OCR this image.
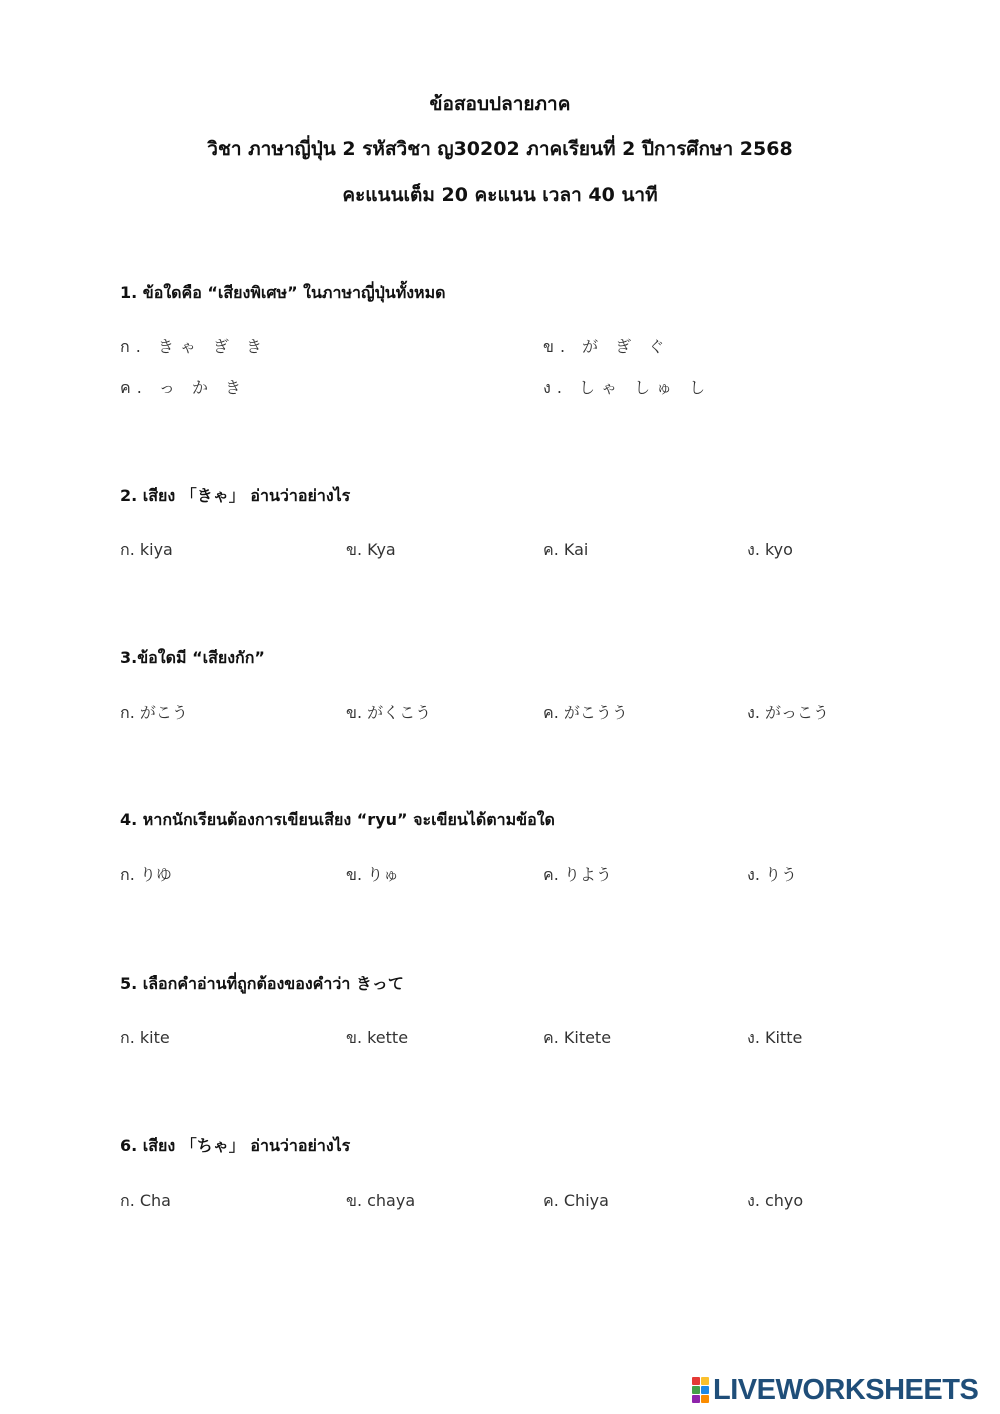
ข้อสอบปลายภาค
วิชา ภาษาญี่ปุ่น 2 รหัสวิชา ญ30202 ภาคเรียนที่ 2 ปีการศึกษา 2568
คะแนนเต็ม 20 คะแนน เวลา 40 นาที
1. ข้อใดคือ “เสียงพิเศษ” ในภาษาญี่ปุ่นทั้งหมด
ก. きゃ ぎ き	ข. が ぎ ぐ
ค. っ か き	ง. しゃ しゅ し
2. เสียง 「きゃ」 อ่านว่าอย่างไร
ก. kiya	ข. Kya	ค. Kai	ง. kyo
3.ข้อใดมี “เสียงกัก”
ก. がこう	ข. がくこう	ค. がこうう	ง. がっこう
4. หากนักเรียนต้องการเขียนเสียง “ryu” จะเขียนได้ตามข้อใด
ก. りゆ	ข. りゅ	ค. りよう	ง. りう
5. เลือกคำอ่านที่ถูกต้องของคำว่า きって
ก. kite	ข. kette	ค. Kitete	ง. Kitte
6. เสียง 「ちゃ」 อ่านว่าอย่างไร
ก. Cha	ข. chaya	ค. Chiya	ง. chyo
LIVEWORKSHEETS
